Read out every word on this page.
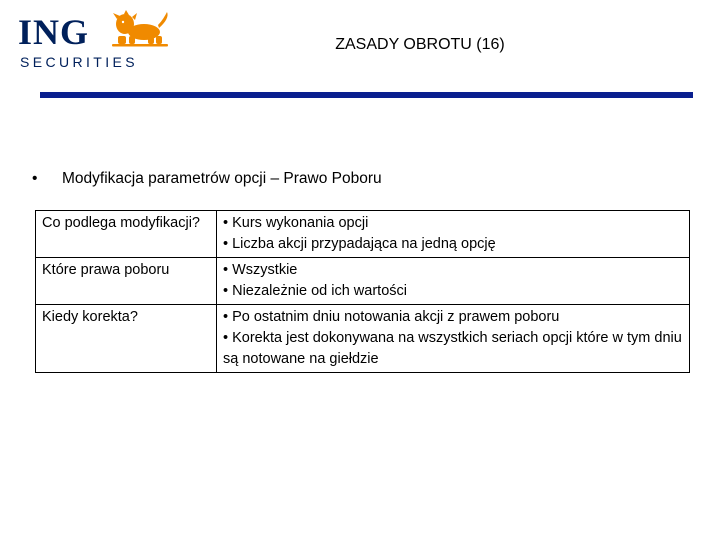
ING
SECURITIES
ZASADY OBROTU (16)
• Modyfikacja parametrów opcji – Prawo Poboru
Co podlega modyfikacji?	• Kurs wykonania opcji
• Liczba akcji przypadająca na jedną opcję

Które prawa poboru	• Wszystkie
• Niezależnie od ich wartości

Kiedy korekta?	• Po ostatnim dniu notowania akcji z prawem poboru
• Korekta jest dokonywana na wszystkich seriach opcji które w tym dniu są notowane na giełdzie
